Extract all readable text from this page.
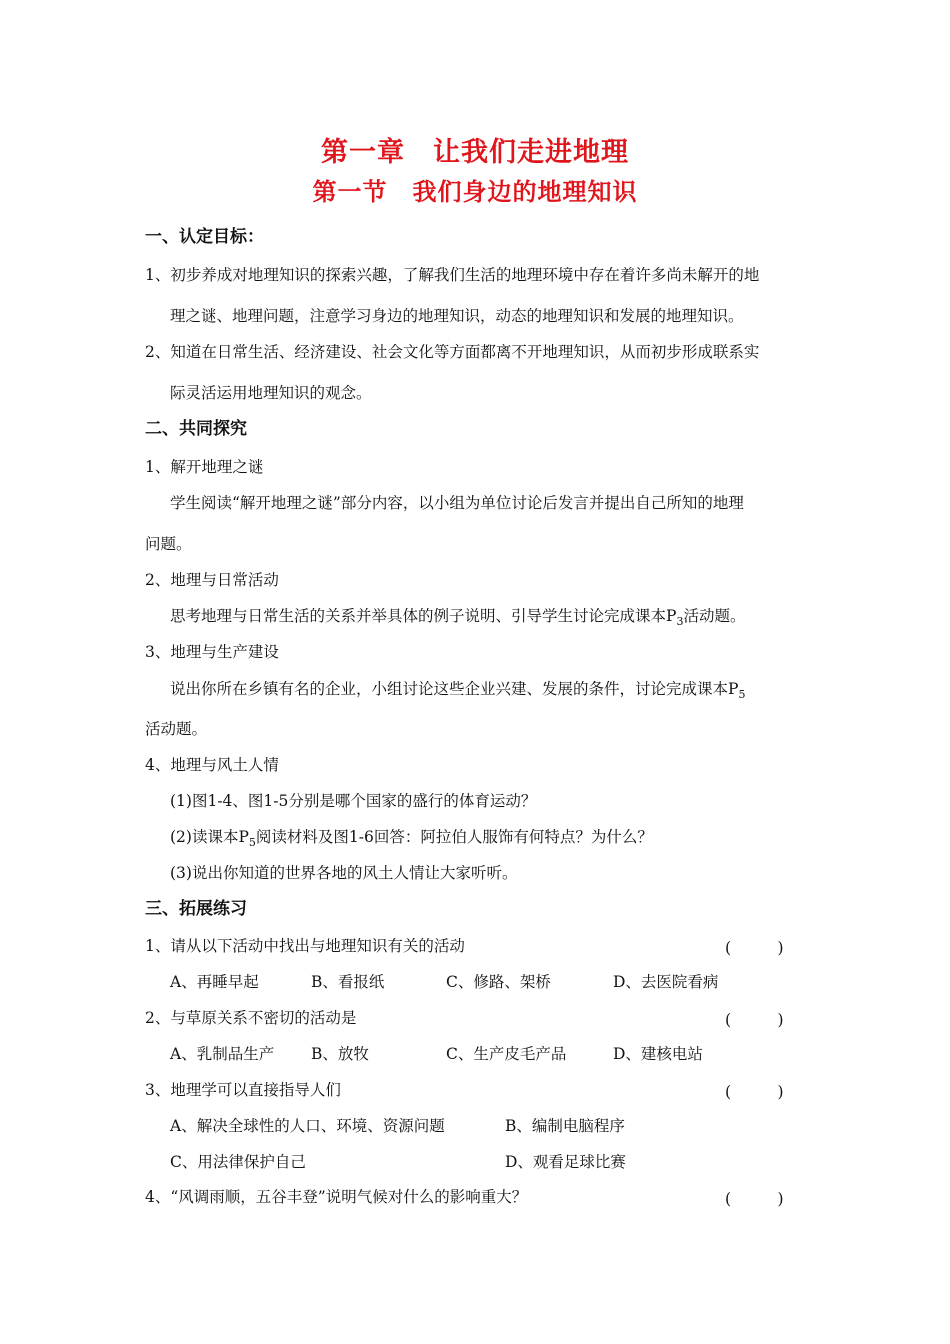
第一章　让我们走进地理
第一节　我们身边的地理知识
一、认定目标：
1、初步养成对地理知识的探索兴趣，了解我们生活的地理环境中存在着许多尚未解开的地
理之谜、地理问题，注意学习身边的地理知识，动态的地理知识和发展的地理知识。
2、知道在日常生活、经济建设、社会文化等方面都离不开地理知识，从而初步形成联系实
际灵活运用地理知识的观念。
二、共同探究
1、解开地理之谜
学生阅读“解开地理之谜”部分内容，以小组为单位讨论后发言并提出自己所知的地理
问题。
2、地理与日常活动
思考地理与日常生活的关系并举具体的例子说明、引导学生讨论完成课本$P_3$活动题。
3、地理与生产建设
说出你所在乡镇有名的企业，小组讨论这些企业兴建、发展的条件，讨论完成课本$P_5$
活动题。
4、地理与风土人情
(1)图1-4、图1-5分别是哪个国家的盛行的体育运动？
(2)读课本$P_5$阅读材料及图1-6回答：阿拉伯人服饰有何特点？为什么？
(3)说出你知道的世界各地的风土人情让大家听听。
三、拓展练习
1、请从以下活动中找出与地理知识有关的活动	(　　　)
A、再睡早起	B、看报纸	C、修路、架桥	D、去医院看病
2、与草原关系不密切的活动是	(　　　)
A、乳制品生产 B、放牧	C、生产皮毛产品	D、建核电站
3、地理学可以直接指导人们	(　　　)
A、解决全球性的人口、环境、资源问题	B、编制电脑程序
C、用法律保护自己	D、观看足球比赛
4、“风调雨顺，五谷丰登”说明气候对什么的影响重大？	(　　　)
